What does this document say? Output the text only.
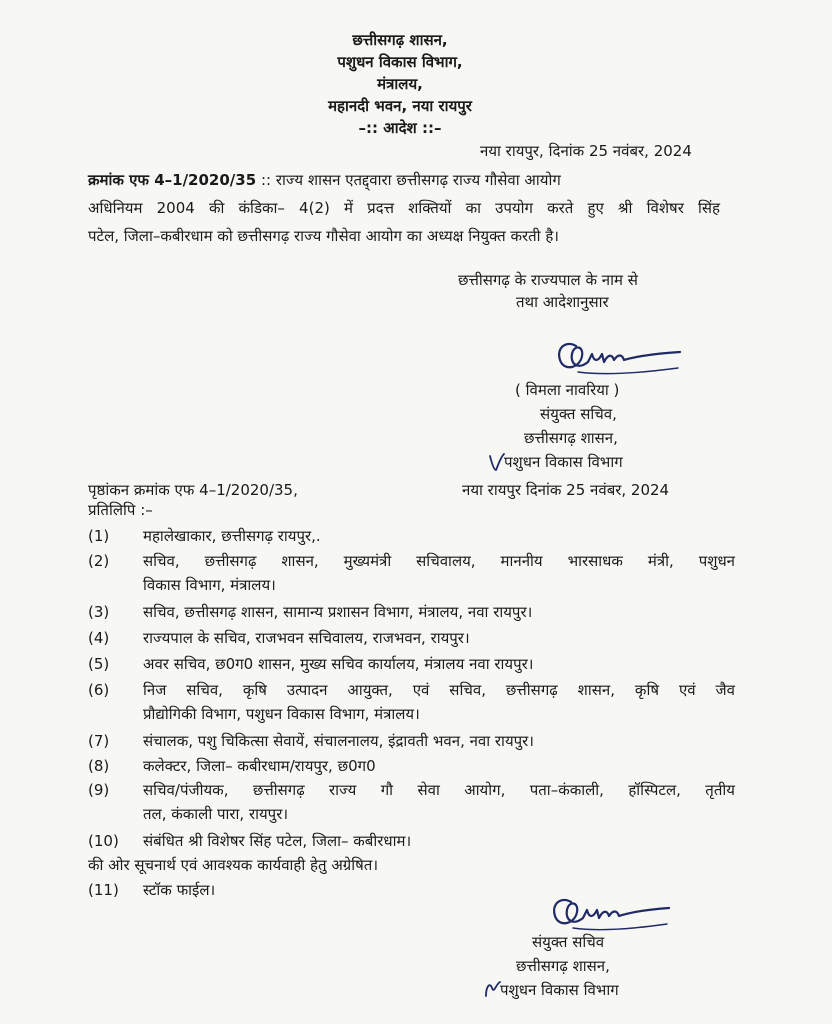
छत्तीसगढ़ शासन,
पशुधन विकास विभाग,
मंत्रालय,
महानदी भवन, नया रायपुर
–:: आदेश ::–
नया रायपुर, दिनांक 25 नवंबर, 2024
क्रमांक एफ 4–1/2020/35 :: राज्य शासन एतद्द्वारा छत्तीसगढ़ राज्य गौसेवा आयोग
अधिनियम 2004 की कंडिका– 4(2) में प्रदत्त शक्तियों का उपयोग करते हुए श्री विशेषर सिंह
पटेल, जिला–कबीरधाम को छत्तीसगढ़ राज्य गौसेवा आयोग का अध्यक्ष नियुक्त करती है।
छत्तीसगढ़ के राज्यपाल के नाम से
तथा आदेशानुसार
( विमला नावरिया )
संयुक्त सचिव,
छत्तीसगढ़ शासन,
पशुधन विकास विभाग
पृष्ठांकन क्रमांक एफ 4–1/2020/35,	नया रायपुर दिनांक 25 नवंबर, 2024
प्रतिलिपि :–
(1) महालेखाकार, छत्तीसगढ़ रायपुर,.
(2) सचिव, छत्तीसगढ़ शासन, मुख्यमंत्री सचिवालय, माननीय भारसाधक मंत्री, पशुधन
विकास विभाग, मंत्रालय।
(3) सचिव, छत्तीसगढ़ शासन, सामान्य प्रशासन विभाग, मंत्रालय, नवा रायपुर।
(4) राज्यपाल के सचिव, राजभवन सचिवालय, राजभवन, रायपुर।
(5) अवर सचिव, छ0ग0 शासन, मुख्य सचिव कार्यालय, मंत्रालय नवा रायपुर।
(6) निज सचिव, कृषि उत्पादन आयुक्त, एवं सचिव, छत्तीसगढ़ शासन, कृषि एवं जैव
प्रौद्योगिकी विभाग, पशुधन विकास विभाग, मंत्रालय।
(7) संचालक, पशु चिकित्सा सेवायें, संचालनालय, इंद्रावती भवन, नवा रायपुर।
(8) कलेक्टर, जिला– कबीरधाम/रायपुर, छ0ग0
(9) सचिव/पंजीयक, छत्तीसगढ़ राज्य गौ सेवा आयोग, पता–कंकाली, हॉस्पिटल, तृतीय
तल, कंकाली पारा, रायपुर।
(10) संबंधित श्री विशेषर सिंह पटेल, जिला– कबीरधाम।
की ओर सूचनार्थ एवं आवश्यक कार्यवाही हेतु अग्रेषित।
(11) स्टॉक फाईल।
संयुक्त सचिव
छत्तीसगढ़ शासन,
पशुधन विकास विभाग
